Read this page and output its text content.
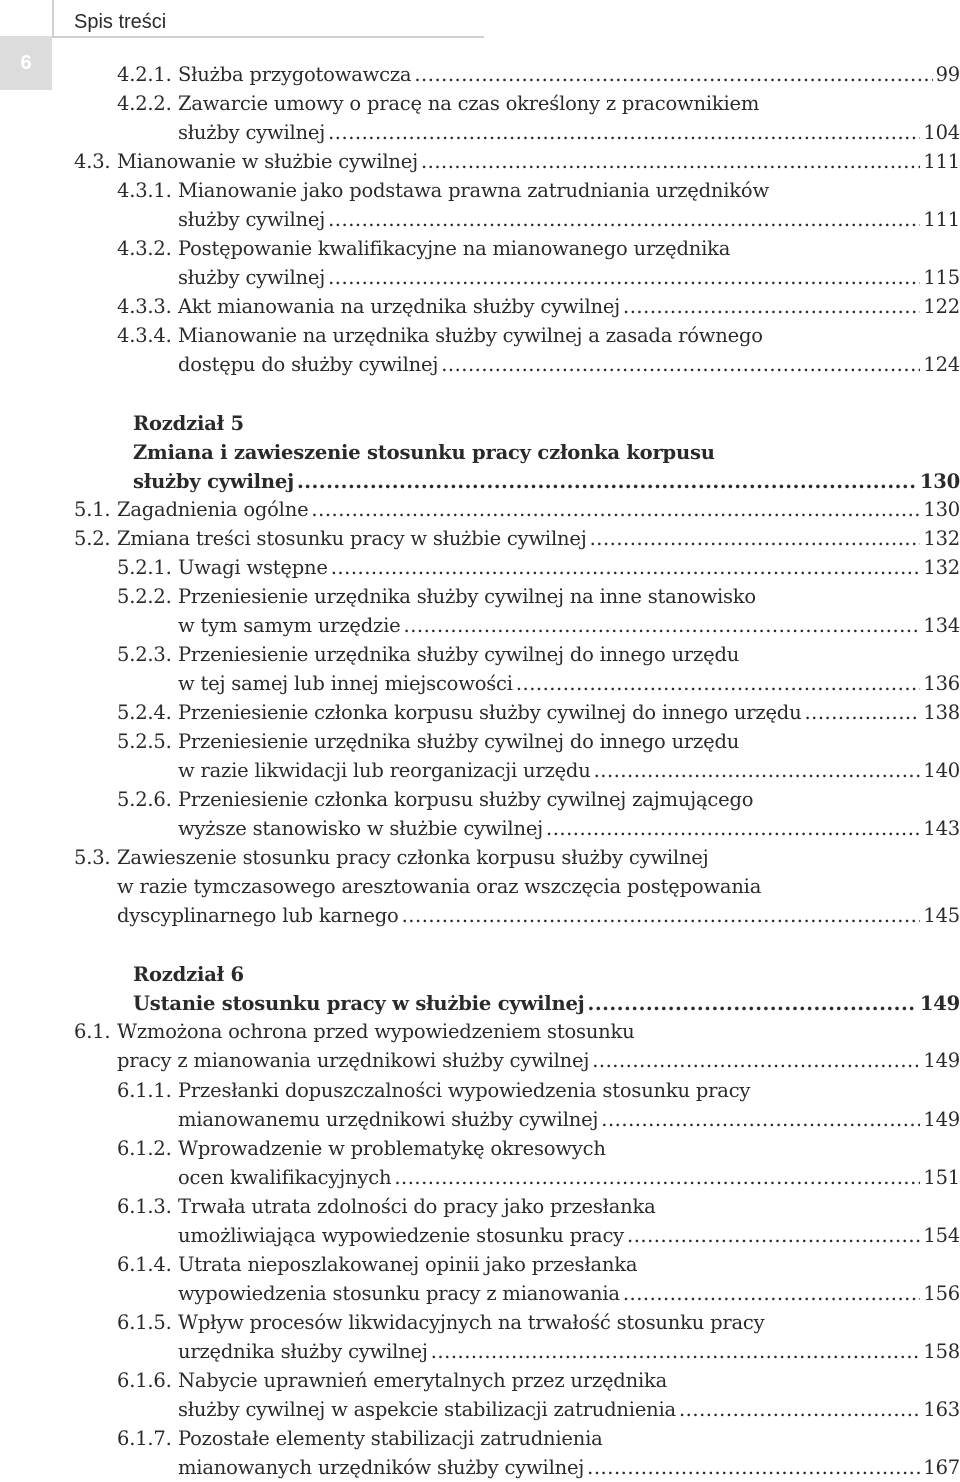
6
Spis treści
4.2.1. Służba przygotowawcza .....	99
4.2.2. Zawarcie umowy o pracę na czas określony z pracownikiem
służby cywilnej .....	104
4.3. Mianowanie w służbie cywilnej .....	111
4.3.1. Mianowanie jako podstawa prawna zatrudniania urzędników
służby cywilnej .....	111
4.3.2. Postępowanie kwalifikacyjne na mianowanego urzędnika
służby cywilnej .....	115
4.3.3. Akt mianowania na urzędnika służby cywilnej .....	122
4.3.4. Mianowanie na urzędnika służby cywilnej a zasada równego
dostępu do służby cywilnej .....	124
Rozdział 5
Zmiana i zawieszenie stosunku pracy członka korpusu
służby cywilnej .....	130
5.1. Zagadnienia ogólne .....	130
5.2. Zmiana treści stosunku pracy w służbie cywilnej .....	132
5.2.1. Uwagi wstępne .....	132
5.2.2. Przeniesienie urzędnika służby cywilnej na inne stanowisko
w tym samym urzędzie .....	134
5.2.3. Przeniesienie urzędnika służby cywilnej do innego urzędu
w tej samej lub innej miejscowości .....	136
5.2.4. Przeniesienie członka korpusu służby cywilnej do innego urzędu .....	138
5.2.5. Przeniesienie urzędnika służby cywilnej do innego urzędu
w razie likwidacji lub reorganizacji urzędu .....	140
5.2.6. Przeniesienie członka korpusu służby cywilnej zajmującego
wyższe stanowisko w służbie cywilnej .....	143
5.3. Zawieszenie stosunku pracy członka korpusu służby cywilnej
w razie tymczasowego aresztowania oraz wszczęcia postępowania
dyscyplinarnego lub karnego .....	145
Rozdział 6
Ustanie stosunku pracy w służbie cywilnej .....	149
6.1. Wzmożona ochrona przed wypowiedzeniem stosunku
pracy z mianowania urzędnikowi służby cywilnej .....	149
6.1.1. Przesłanki dopuszczalności wypowiedzenia stosunku pracy
mianowanemu urzędnikowi służby cywilnej .....	149
6.1.2. Wprowadzenie w problematykę okresowych
ocen kwalifikacyjnych .....	151
6.1.3. Trwała utrata zdolności do pracy jako przesłanka
umożliwiająca wypowiedzenie stosunku pracy .....	154
6.1.4. Utrata nieposzlakowanej opinii jako przesłanka
wypowiedzenia stosunku pracy z mianowania .....	156
6.1.5. Wpływ procesów likwidacyjnych na trwałość stosunku pracy
urzędnika służby cywilnej .....	158
6.1.6. Nabycie uprawnień emerytalnych przez urzędnika
służby cywilnej w aspekcie stabilizacji zatrudnienia .....	163
6.1.7. Pozostałe elementy stabilizacji zatrudnienia
mianowanych urzędników służby cywilnej .....	167
